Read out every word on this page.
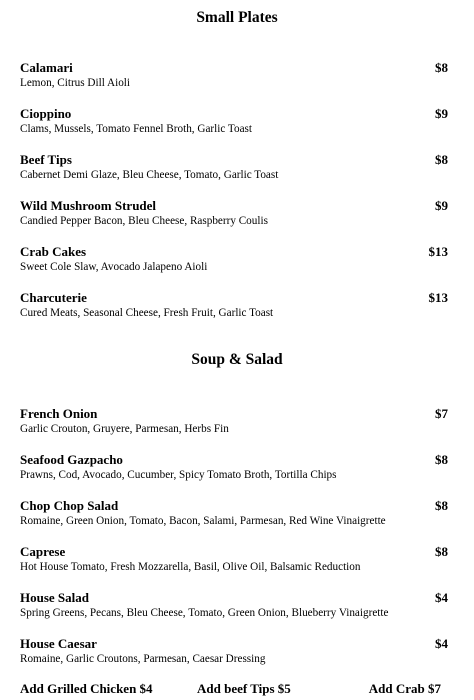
Small Plates
Calamari	$8
Lemon, Citrus Dill Aioli
Cioppino	$9
Clams, Mussels, Tomato Fennel Broth, Garlic Toast
Beef Tips	$8
Cabernet Demi Glaze, Bleu Cheese, Tomato, Garlic Toast
Wild Mushroom Strudel	$9
Candied Pepper Bacon, Bleu Cheese, Raspberry Coulis
Crab Cakes	$13
Sweet Cole Slaw, Avocado Jalapeno Aioli
Charcuterie	$13
Cured Meats, Seasonal Cheese, Fresh Fruit, Garlic Toast
Soup & Salad
French Onion	$7
Garlic Crouton, Gruyere, Parmesan, Herbs Fin
Seafood Gazpacho	$8
Prawns, Cod, Avocado, Cucumber, Spicy Tomato Broth, Tortilla Chips
Chop Chop Salad	$8
Romaine, Green Onion, Tomato, Bacon, Salami, Parmesan, Red Wine Vinaigrette
Caprese	$8
Hot House Tomato, Fresh Mozzarella, Basil, Olive Oil, Balsamic Reduction
House Salad	$4
Spring Greens, Pecans, Bleu Cheese, Tomato, Green Onion, Blueberry Vinaigrette
House Caesar	$4
Romaine, Garlic Croutons, Parmesan, Caesar Dressing
Add Grilled Chicken $4	Add beef Tips $5	Add Crab $7
